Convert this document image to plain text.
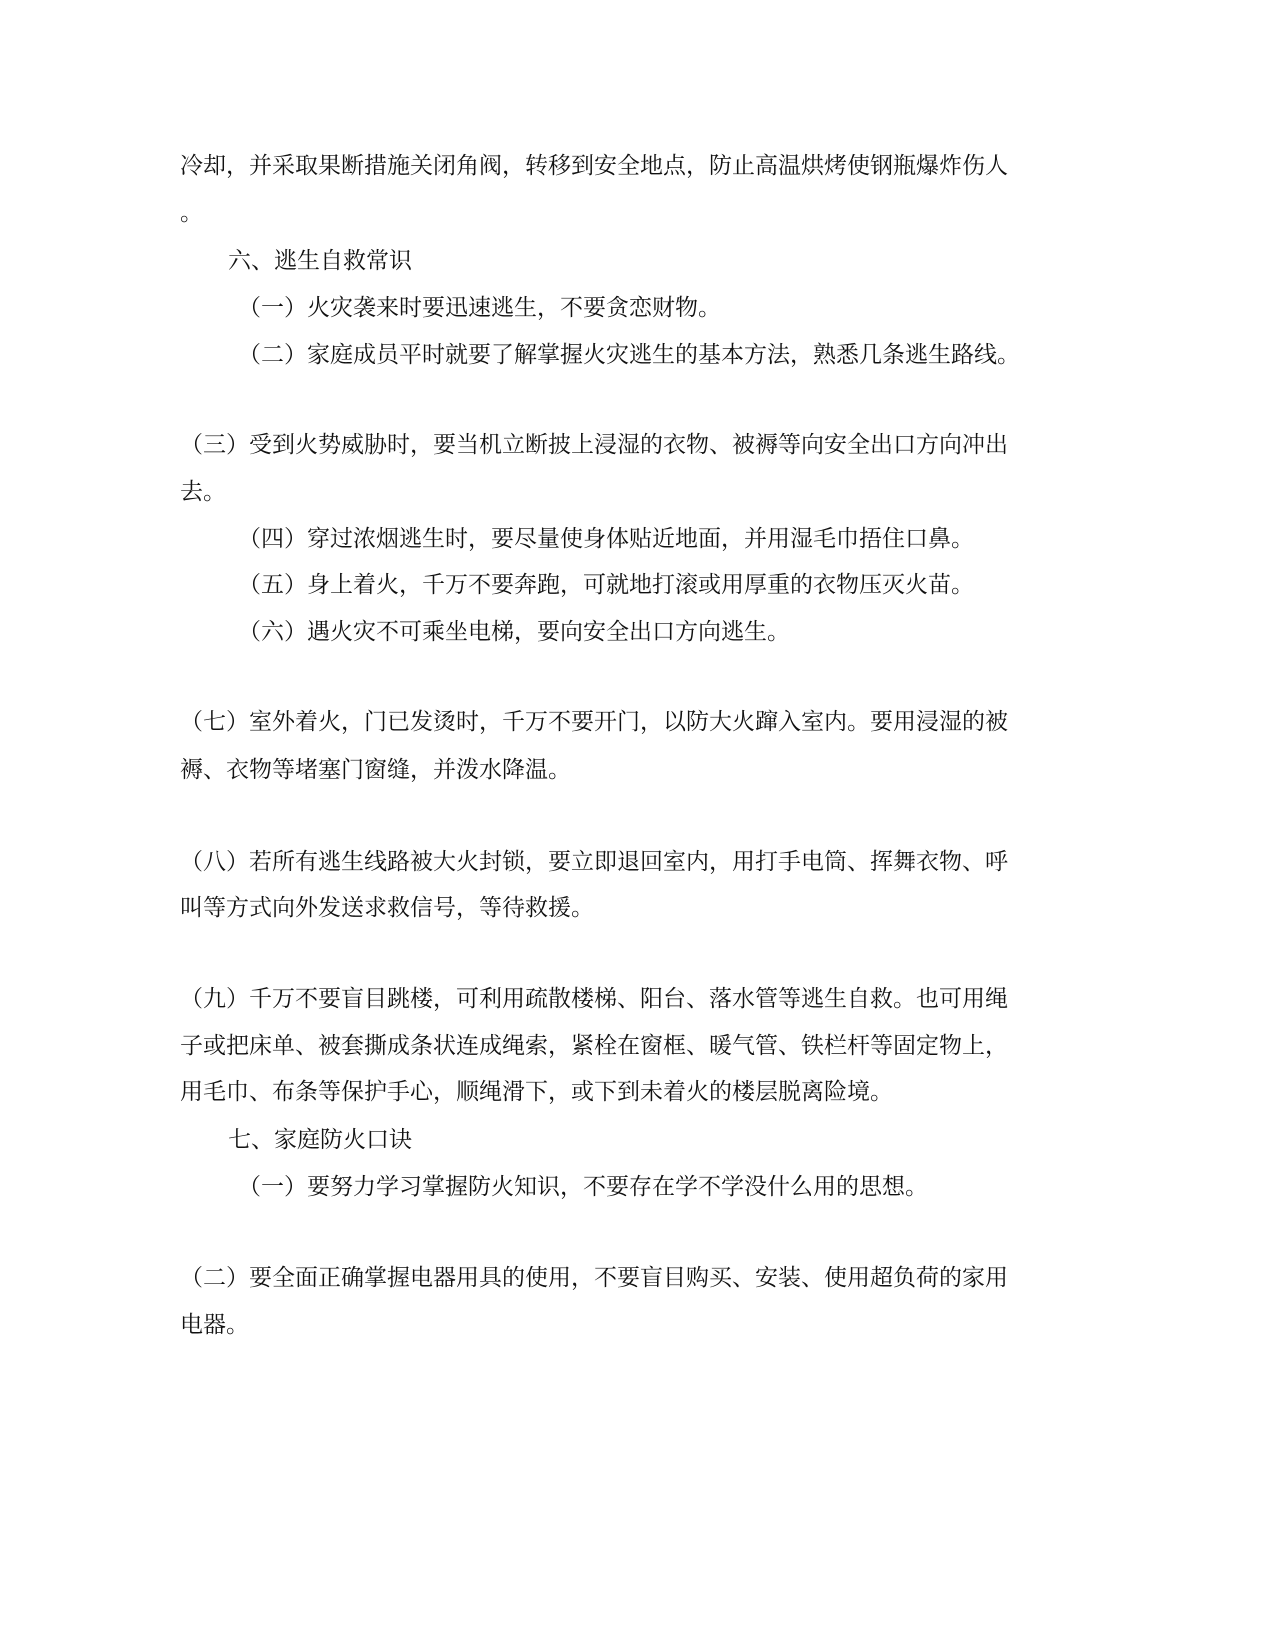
冷却，并采取果断措施关闭角阀，转移到安全地点，防止高温烘烤使钢瓶爆炸伤人
。
六、逃生自救常识
（一）火灾袭来时要迅速逃生，不要贪恋财物。
（二）家庭成员平时就要了解掌握火灾逃生的基本方法，熟悉几条逃生路线。
（三）受到火势威胁时，要当机立断披上浸湿的衣物、被褥等向安全出口方向冲出
去。
（四）穿过浓烟逃生时，要尽量使身体贴近地面，并用湿毛巾捂住口鼻。
（五）身上着火，千万不要奔跑，可就地打滚或用厚重的衣物压灭火苗。
（六）遇火灾不可乘坐电梯，要向安全出口方向逃生。
（七）室外着火，门已发烫时，千万不要开门，以防大火蹿入室内。要用浸湿的被
褥、衣物等堵塞门窗缝，并泼水降温。
（八）若所有逃生线路被大火封锁，要立即退回室内，用打手电筒、挥舞衣物、呼
叫等方式向外发送求救信号，等待救援。
（九）千万不要盲目跳楼，可利用疏散楼梯、阳台、落水管等逃生自救。也可用绳
子或把床单、被套撕成条状连成绳索，紧栓在窗框、暖气管、铁栏杆等固定物上，
用毛巾、布条等保护手心，顺绳滑下，或下到未着火的楼层脱离险境。
七、家庭防火口诀
（一）要努力学习掌握防火知识，不要存在学不学没什么用的思想。
（二）要全面正确掌握电器用具的使用，不要盲目购买、安装、使用超负荷的家用
电器。
